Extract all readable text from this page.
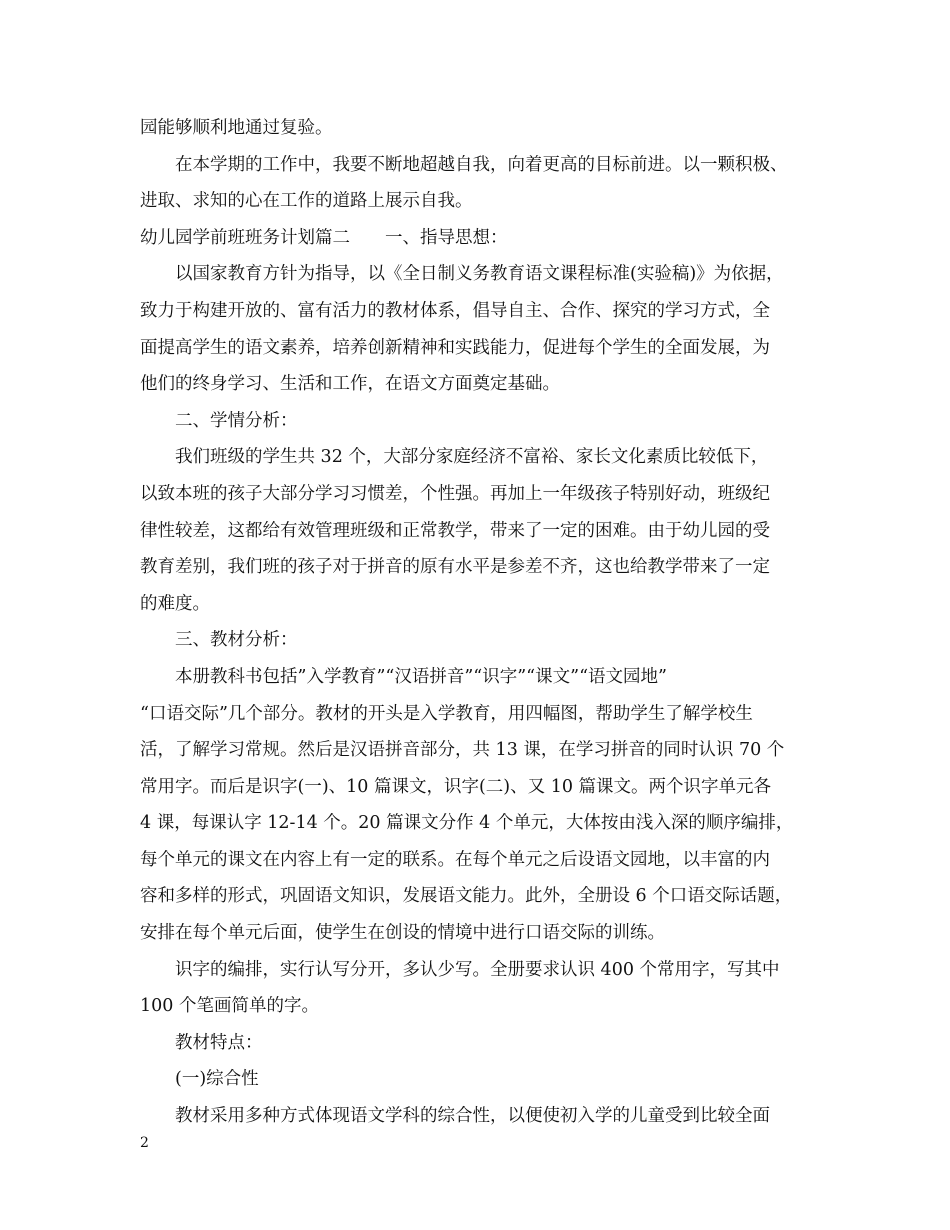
园能够顺利地通过复验。
在本学期的工作中，我要不断地超越自我，向着更高的目标前进。以一颗积极、
进取、求知的心在工作的道路上展示自我。
幼儿园学前班班务计划篇二　　一、指导思想：
以国家教育方针为指导，以《全日制义务教育语文课程标准(实验稿)》为依据，
致力于构建开放的、富有活力的教材体系，倡导自主、合作、探究的学习方式，全
面提高学生的语文素养，培养创新精神和实践能力，促进每个学生的全面发展，为
他们的终身学习、生活和工作，在语文方面奠定基础。
二、学情分析：
我们班级的学生共 32 个，大部分家庭经济不富裕、家长文化素质比较低下，
以致本班的孩子大部分学习习惯差，个性强。再加上一年级孩子特别好动，班级纪
律性较差，这都给有效管理班级和正常教学，带来了一定的困难。由于幼儿园的受
教育差别，我们班的孩子对于拼音的原有水平是参差不齐，这也给教学带来了一定
的难度。
三、教材分析：
本册教科书包括”入学教育”“汉语拼音”“识字”“课文”“语文园地”
“口语交际”几个部分。教材的开头是入学教育，用四幅图，帮助学生了解学校生
活，了解学习常规。然后是汉语拼音部分，共 13 课，在学习拼音的同时认识 70 个
常用字。而后是识字(一)、10 篇课文，识字(二)、又 10 篇课文。两个识字单元各
4 课，每课认字 12-14 个。20 篇课文分作 4 个单元，大体按由浅入深的顺序编排，
每个单元的课文在内容上有一定的联系。在每个单元之后设语文园地，以丰富的内
容和多样的形式，巩固语文知识，发展语文能力。此外，全册设 6 个口语交际话题，
安排在每个单元后面，使学生在创设的情境中进行口语交际的训练。
识字的编排，实行认写分开，多认少写。全册要求认识 400 个常用字，写其中
100 个笔画简单的字。
教材特点：
(一)综合性
教材采用多种方式体现语文学科的综合性，以便使初入学的儿童受到比较全面
2
